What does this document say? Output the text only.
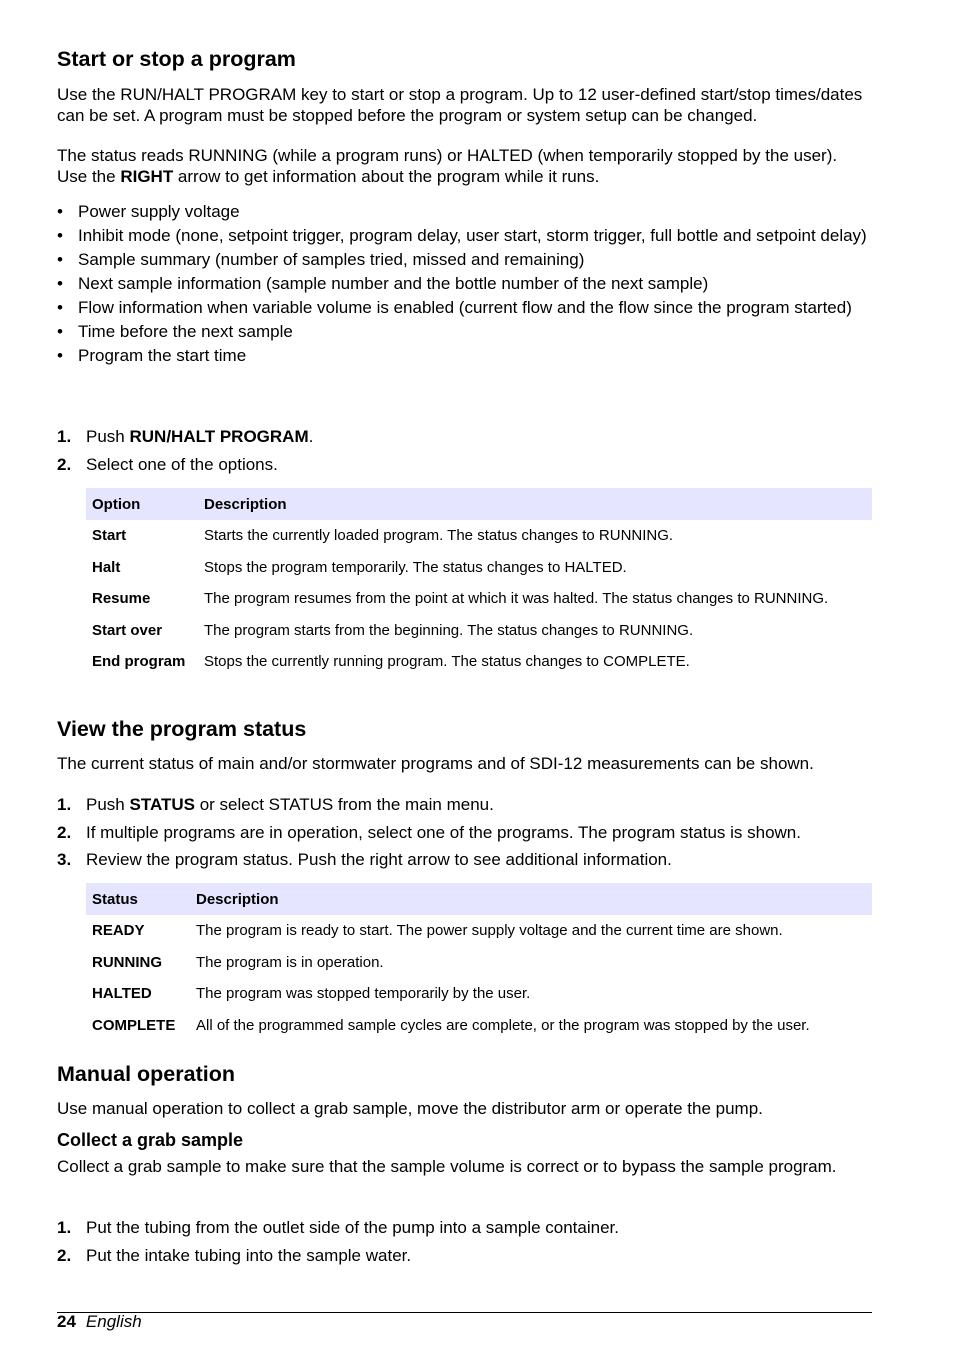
Start or stop a program
Use the RUN/HALT PROGRAM key to start or stop a program. Up to 12 user-defined start/stop times/dates can be set. A program must be stopped before the program or system setup can be changed.
The status reads RUNNING (while a program runs) or HALTED (when temporarily stopped by the user). Use the RIGHT arrow to get information about the program while it runs.
• Power supply voltage
• Inhibit mode (none, setpoint trigger, program delay, user start, storm trigger, full bottle and setpoint delay)
• Sample summary (number of samples tried, missed and remaining)
• Next sample information (sample number and the bottle number of the next sample)
• Flow information when variable volume is enabled (current flow and the flow since the program started)
• Time before the next sample
• Program the start time
1. Push RUN/HALT PROGRAM.
2. Select one of the options.
Option	Description
Start	Starts the currently loaded program. The status changes to RUNNING.
Halt	Stops the program temporarily. The status changes to HALTED.
Resume	The program resumes from the point at which it was halted. The status changes to RUNNING.
Start over	The program starts from the beginning. The status changes to RUNNING.
End program	Stops the currently running program. The status changes to COMPLETE.
View the program status
The current status of main and/or stormwater programs and of SDI-12 measurements can be shown.
1. Push STATUS or select STATUS from the main menu.
2. If multiple programs are in operation, select one of the programs. The program status is shown.
3. Review the program status. Push the right arrow to see additional information.
Status	Description
READY	The program is ready to start. The power supply voltage and the current time are shown.
RUNNING	The program is in operation.
HALTED	The program was stopped temporarily by the user.
COMPLETE	All of the programmed sample cycles are complete, or the program was stopped by the user.
Manual operation
Use manual operation to collect a grab sample, move the distributor arm or operate the pump.
Collect a grab sample
Collect a grab sample to make sure that the sample volume is correct or to bypass the sample program.
1. Put the tubing from the outlet side of the pump into a sample container.
2. Put the intake tubing into the sample water.
24 English
